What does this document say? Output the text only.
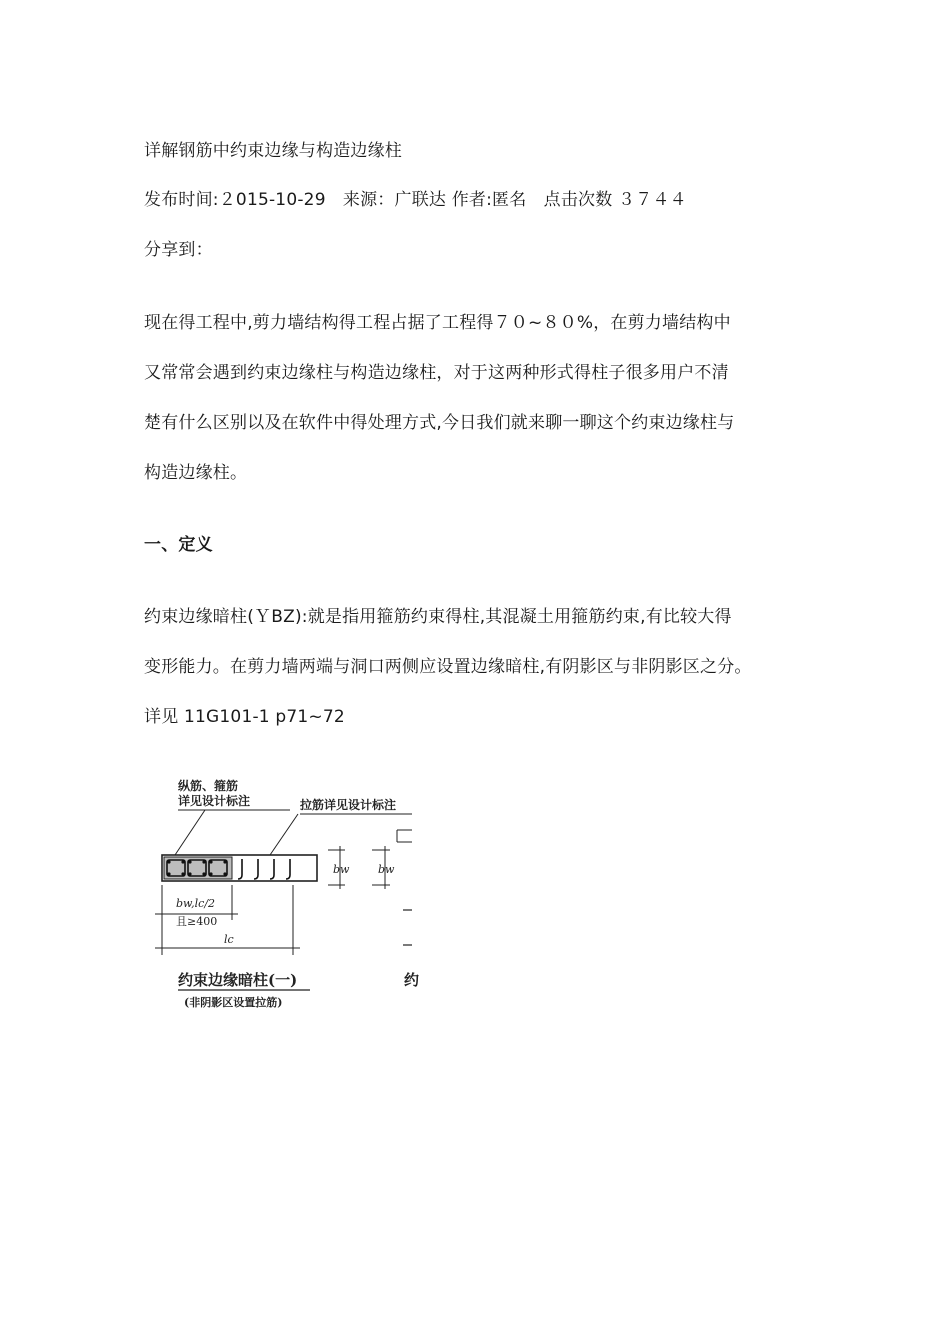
详解钢筋中约束边缘与构造边缘柱
发布时间:２015-10-29　来源：广联达 作者:匿名　点击次数 ３７４４
分享到：
现在得工程中,剪力墙结构得工程占据了工程得７０~８０%，在剪力墙结构中
又常常会遇到约束边缘柱与构造边缘柱，对于这两种形式得柱子很多用户不清
楚有什么区别以及在软件中得处理方式,今日我们就来聊一聊这个约束边缘柱与
构造边缘柱。
一、定义
约束边缘暗柱(ＹBZ):就是指用箍筋约束得柱,其混凝土用箍筋约束,有比较大得
变形能力。在剪力墙两端与洞口两侧应设置边缘暗柱,有阴影区与非阴影区之分。
详见 11G101-1 p71~72
纵筋、箍筋
详见设计标注	拉筋详见设计标注
bw	bw
bw,lc/2
且≥400
lc
约束边缘暗柱(一)
(非阴影区设置拉筋)
约
